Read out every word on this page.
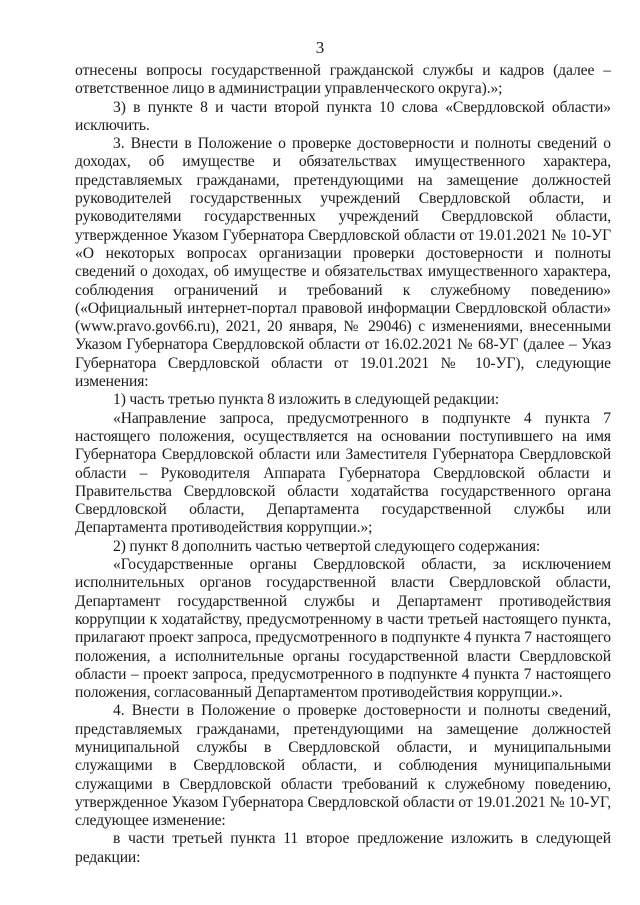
3

отнесены вопросы государственной гражданской службы и кадров (далее – ответственное лицо в администрации управленческого округа).»;

3) в пункте 8 и части второй пункта 10 слова «Свердловской области» исключить.

3. Внести в Положение о проверке достоверности и полноты сведений о доходах, об имуществе и обязательствах имущественного характера, представляемых гражданами, претендующими на замещение должностей руководителей государственных учреждений Свердловской области, и руководителями государственных учреждений Свердловской области, утвержденное Указом Губернатора Свердловской области от 19.01.2021 № 10-УГ «О некоторых вопросах организации проверки достоверности и полноты сведений о доходах, об имуществе и обязательствах имущественного характера, соблюдения ограничений и требований к служебному поведению» («Официальный интернет-портал правовой информации Свердловской области» (www.pravo.gov66.ru), 2021, 20 января, № 29046) с изменениями, внесенными Указом Губернатора Свердловской области от 16.02.2021 № 68-УГ (далее – Указ Губернатора Свердловской области от 19.01.2021 № 10-УГ), следующие изменения:

1) часть третью пункта 8 изложить в следующей редакции:

«Направление запроса, предусмотренного в подпункте 4 пункта 7 настоящего положения, осуществляется на основании поступившего на имя Губернатора Свердловской области или Заместителя Губернатора Свердловской области – Руководителя Аппарата Губернатора Свердловской области и Правительства Свердловской области ходатайства государственного органа Свердловской области, Департамента государственной службы или Департамента противодействия коррупции.»;

2) пункт 8 дополнить частью четвертой следующего содержания:

«Государственные органы Свердловской области, за исключением исполнительных органов государственной власти Свердловской области, Департамент государственной службы и Департамент противодействия коррупции к ходатайству, предусмотренному в части третьей настоящего пункта, прилагают проект запроса, предусмотренного в подпункте 4 пункта 7 настоящего положения, а исполнительные органы государственной власти Свердловской области – проект запроса, предусмотренного в подпункте 4 пункта 7 настоящего положения, согласованный Департаментом противодействия коррупции.».

4. Внести в Положение о проверке достоверности и полноты сведений, представляемых гражданами, претендующими на замещение должностей муниципальной службы в Свердловской области, и муниципальными служащими в Свердловской области, и соблюдения муниципальными служащими в Свердловской области требований к служебному поведению, утвержденное Указом Губернатора Свердловской области от 19.01.2021 № 10-УГ, следующее изменение:

в части третьей пункта 11 второе предложение изложить в следующей редакции:
